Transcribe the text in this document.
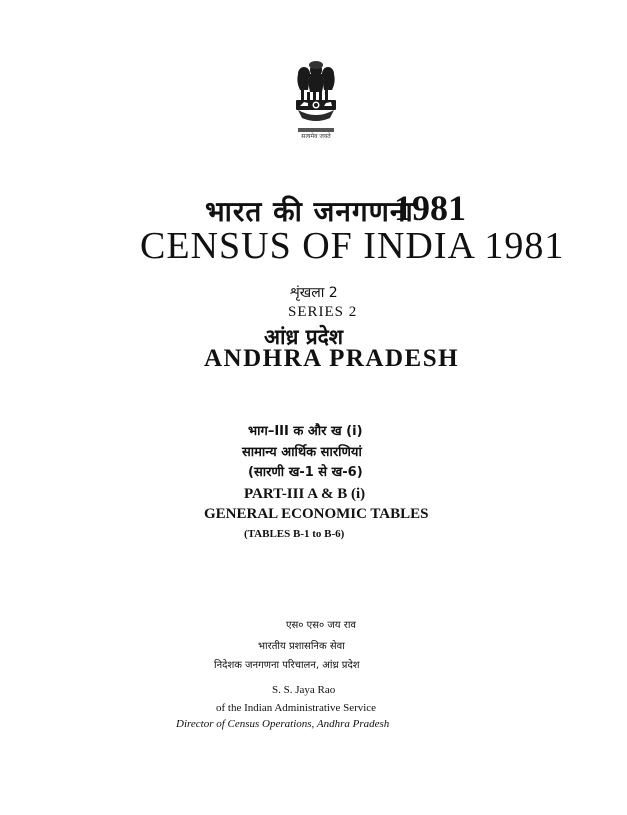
सत्यमेव जयते
भारत की जनगणना
1981
CENSUS OF INDIA 1981
शृंखला 2
SERIES 2
आंध्र प्रदेश
ANDHRA PRADESH
भाग–III क और ख (i)
सामान्य आर्थिक सारणियां
(सारणी ख-1 से ख-6)
PART-III A & B (i)
GENERAL ECONOMIC TABLES
(TABLES B-1 to B-6)
एस० एस० जय राव
भारतीय प्रशासनिक सेवा
निदेशक जनगणना परिचालन, आंध्र प्रदेश
S. S. Jaya Rao
of the Indian Administrative Service
Director of Census Operations, Andhra Pradesh
